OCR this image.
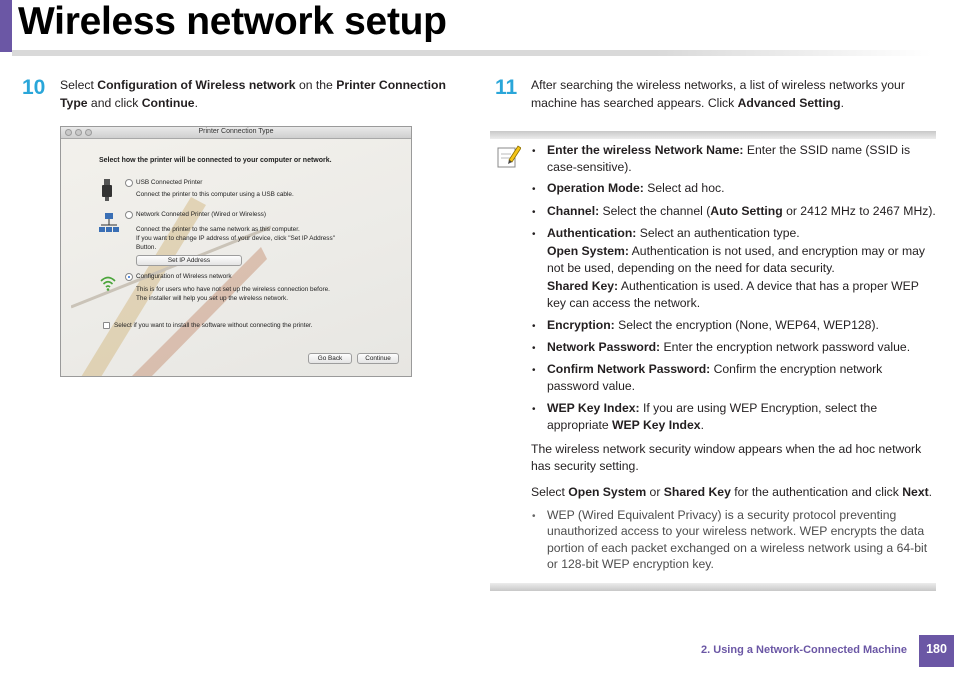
Wireless network setup
10 Select Configuration of Wireless network on the Printer Connection Type and click Continue.
Printer Connection Type
Select how the printer will be connected to your computer or network.
USB Connected Printer
Connect the printer to this computer using a USB cable.
Network Conneted Printer (Wired or Wireless)
Connect the printer to the same network as this computer.
If you want to change IP address of your device, click "Set IP Address"
Button.
Set IP Address
Configuration of Wireless network
This is for users who have not set up the wireless connection before.
The installer will help you set up the wireless network.
Select if you want to install the software without connecting the printer.
Go Back	Continue
11 After searching the wireless networks, a list of wireless networks your machine has searched appears. Click Advanced Setting.
• Enter the wireless Network Name: Enter the SSID name (SSID is case-sensitive).
• Operation Mode: Select ad hoc.
• Channel: Select the channel (Auto Setting or 2412 MHz to 2467 MHz).
• Authentication: Select an authentication type.
Open System: Authentication is not used, and encryption may or may not be used, depending on the need for data security.
Shared Key: Authentication is used. A device that has a proper WEP key can access the network.
• Encryption: Select the encryption (None, WEP64, WEP128).
• Network Password: Enter the encryption network password value.
• Confirm Network Password: Confirm the encryption network password value.
• WEP Key Index: If you are using WEP Encryption, select the appropriate WEP Key Index.
The wireless network security window appears when the ad hoc network has security setting.
Select Open System or Shared Key for the authentication and click Next.
• WEP (Wired Equivalent Privacy) is a security protocol preventing unauthorized access to your wireless network. WEP encrypts the data portion of each packet exchanged on a wireless network using a 64-bit or 128-bit WEP encryption key.
2. Using a Network-Connected Machine	180
